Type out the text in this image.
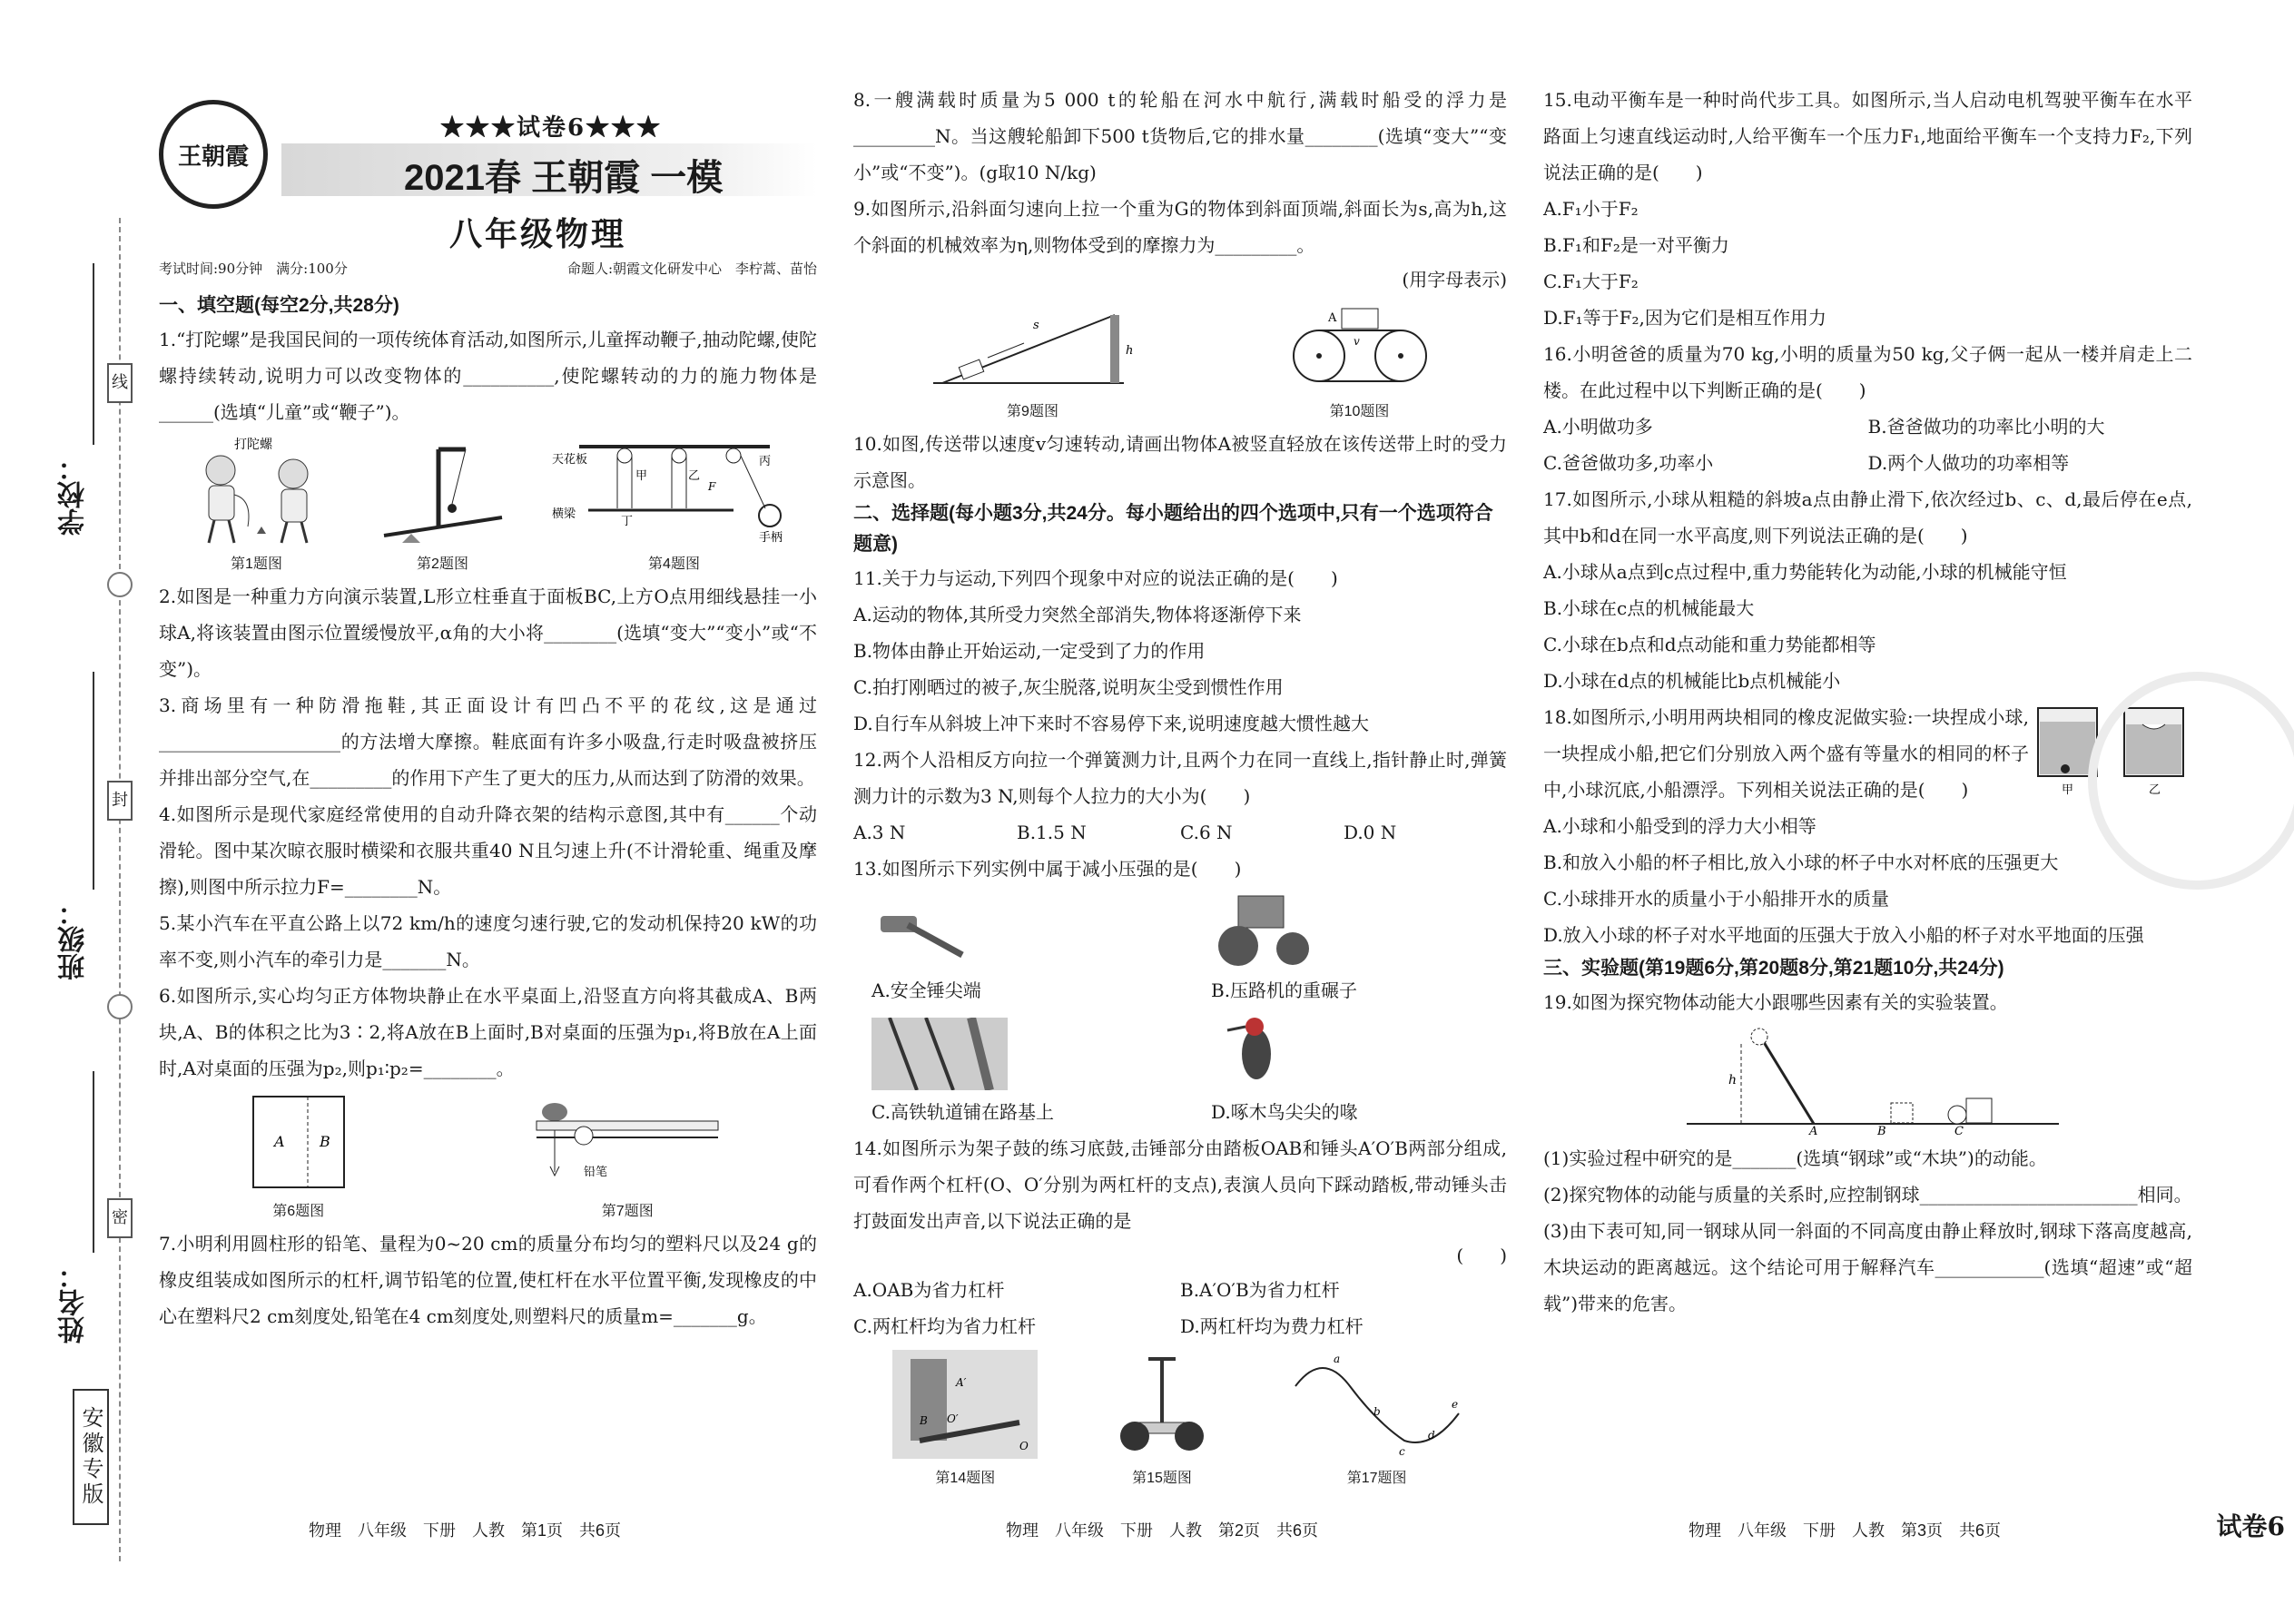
线
封
密
学校：
班级：
姓名：
安徽专版
王朝霞
★★★试卷6★★★
2021春 王朝霞 一模
八年级物理
考试时间:90分钟　满分:100分	命题人:朝霞文化研发中心　李柠蒿、苗怡
一、填空题(每空2分,共28分)
1.“打陀螺”是我国民间的一项传统体育活动,如图所示,儿童挥动鞭子,抽动陀螺,使陀螺持续转动,说明力可以改变物体的__________,使陀螺转动的力的施力物体是______(选填“儿童”或“鞭子”)。
打陀螺
第1题图	第2题图
天花板
甲	乙
丙
F
横梁
丁
手柄
第4题图
2.如图是一种重力方向演示装置,L形立柱垂直于面板BC,上方O点用细线悬挂一小球A,将该装置由图示位置缓慢放平,α角的大小将________(选填“变大”“变小”或“不变”)。
3.商场里有一种防滑拖鞋,其正面设计有凹凸不平的花纹,这是通过____________________的方法增大摩擦。鞋底面有许多小吸盘,行走时吸盘被挤压并排出部分空气,在_________的作用下产生了更大的压力,从而达到了防滑的效果。
4.如图所示是现代家庭经常使用的自动升降衣架的结构示意图,其中有______个动滑轮。图中某次晾衣服时横梁和衣服共重40 N且匀速上升(不计滑轮重、绳重及摩擦),则图中所示拉力F=________N。
5.某小汽车在平直公路上以72 km/h的速度匀速行驶,它的发动机保持20 kW的功率不变,则小汽车的牵引力是_______N。
6.如图所示,实心均匀正方体物块静止在水平桌面上,沿竖直方向将其截成A、B两块,A、B的体积之比为3∶2,将A放在B上面时,B对桌面的压强为p₁,将B放在A上面时,A对桌面的压强为p₂,则p₁∶p₂=________。
A B
第6题图
铅笔
第7题图
7.小明利用圆柱形的铅笔、量程为0~20 cm的质量分布均匀的塑料尺以及24 g的橡皮组装成如图所示的杠杆,调节铅笔的位置,使杠杆在水平位置平衡,发现橡皮的中心在塑料尺2 cm刻度处,铅笔在4 cm刻度处,则塑料尺的质量m=_______g。
物理　八年级　下册　人教　第1页　共6页
8.一艘满载时质量为5 000 t的轮船在河水中航行,满载时船受的浮力是_________N。当这艘轮船卸下500 t货物后,它的排水量________(选填“变大”“变小”或“不变”)。(g取10 N/kg)
9.如图所示,沿斜面匀速向上拉一个重为G的物体到斜面顶端,斜面长为s,高为h,这个斜面的机械效率为η,则物体受到的摩擦力为_________。
(用字母表示)
s
h
第9题图
A
v
第10题图
10.如图,传送带以速度v匀速转动,请画出物体A被竖直轻放在该传送带上时的受力示意图。
二、选择题(每小题3分,共24分。每小题给出的四个选项中,只有一个选项符合题意)
11.关于力与运动,下列四个现象中对应的说法正确的是(　　)
A.运动的物体,其所受力突然全部消失,物体将逐渐停下来
B.物体由静止开始运动,一定受到了力的作用
C.拍打刚晒过的被子,灰尘脱落,说明灰尘受到惯性作用
D.自行车从斜坡上冲下来时不容易停下来,说明速度越大惯性越大
12.两个人沿相反方向拉一个弹簧测力计,且两个力在同一直线上,指针静止时,弹簧测力计的示数为3 N,则每个人拉力的大小为(　　)
A.3 N	B.1.5 N	C.6 N	D.0 N
13.如图所示下列实例中属于减小压强的是(　　)
A.安全锤尖端	B.压路机的重碾子
C.高铁轨道铺在路基上	D.啄木鸟尖尖的喙
14.如图所示为架子鼓的练习底鼓,击锤部分由踏板OAB和锤头A′O′B两部分组成,可看作两个杠杆(O、O′分别为两杠杆的支点),表演人员向下踩动踏板,带动锤头击打鼓面发出声音,以下说法正确的是
(　　)
A.OAB为省力杠杆	B.A′O′B为省力杠杆
C.两杠杆均为省力杠杆	D.两杠杆均为费力杠杆
A′
B O′
O
第14题图	第15题图
a
b
c
d
e
第17题图
物理　八年级　下册　人教　第2页　共6页
15.电动平衡车是一种时尚代步工具。如图所示,当人启动电机驾驶平衡车在水平路面上匀速直线运动时,人给平衡车一个压力F₁,地面给平衡车一个支持力F₂,下列说法正确的是(　　)
A.F₁小于F₂
B.F₁和F₂是一对平衡力
C.F₁大于F₂
D.F₁等于F₂,因为它们是相互作用力
16.小明爸爸的质量为70 kg,小明的质量为50 kg,父子俩一起从一楼并肩走上二楼。在此过程中以下判断正确的是(　　)
A.小明做功多	B.爸爸做功的功率比小明的大
C.爸爸做功多,功率小	D.两个人做功的功率相等
17.如图所示,小球从粗糙的斜坡a点由静止滑下,依次经过b、c、d,最后停在e点,其中b和d在同一水平高度,则下列说法正确的是(　　)
A.小球从a点到c点过程中,重力势能转化为动能,小球的机械能守恒
B.小球在c点的机械能最大
C.小球在b点和d点动能和重力势能都相等
D.小球在d点的机械能比b点机械能小
18.如图所示,小明用两块相同的橡皮泥做实验:一块捏成小球,一块捏成小船,把它们分别放入两个盛有等量水的相同的杯子中,小球沉底,小船漂浮。下列相关说法正确的是(　　)	甲	乙
A.小球和小船受到的浮力大小相等
B.和放入小船的杯子相比,放入小球的杯子中水对杯底的压强更大
C.小球排开水的质量小于小船排开水的质量
D.放入小球的杯子对水平地面的压强大于放入小船的杯子对水平地面的压强
三、实验题(第19题6分,第20题8分,第21题10分,共24分)
19.如图为探究物体动能大小跟哪些因素有关的实验装置。
h
A	B	C
(1)实验过程中研究的是_______(选填“钢球”或“木块”)的动能。
(2)探究物体的动能与质量的关系时,应控制钢球________________________相同。
(3)由下表可知,同一钢球从同一斜面的不同高度由静止释放时,钢球下落高度越高,木块运动的距离越远。这个结论可用于解释汽车____________(选填“超速”或“超载”)带来的危害。
物理　八年级　下册　人教　第3页　共6页	试卷6
